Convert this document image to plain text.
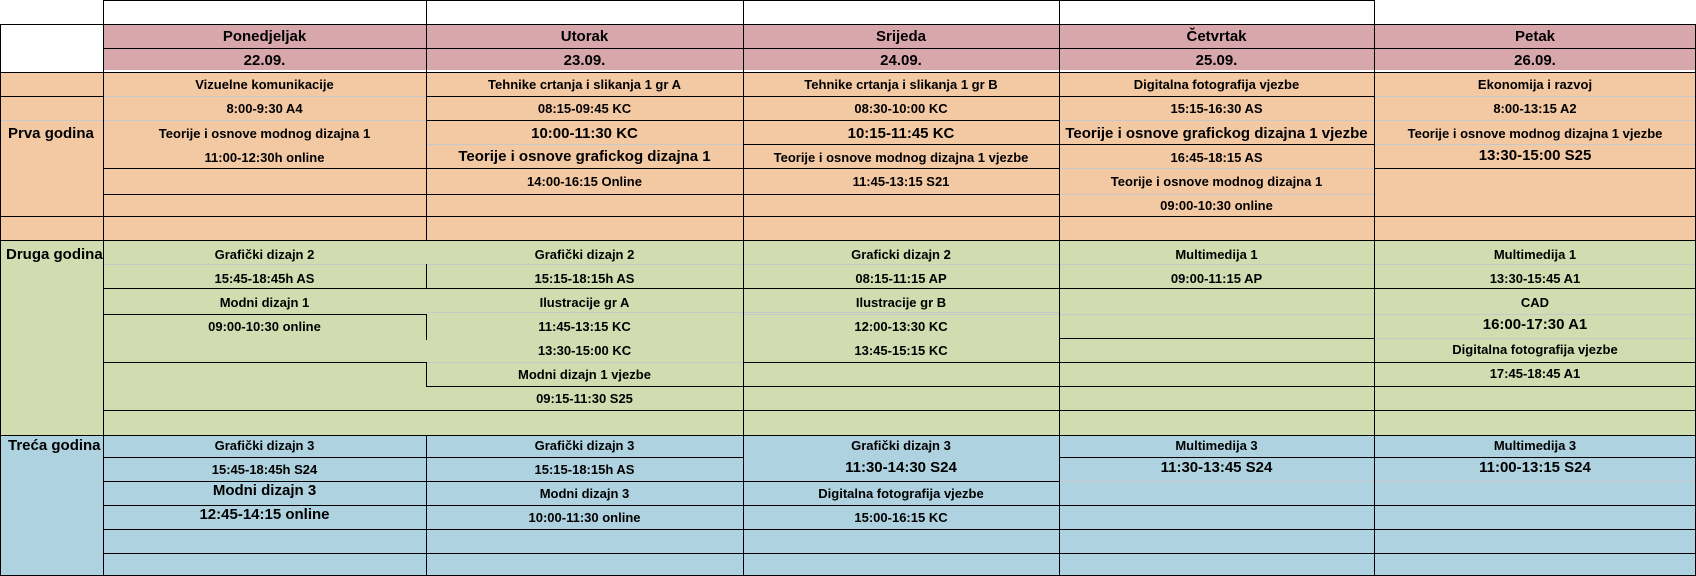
Ponedjeljak
22.09.
Utorak
23.09.
Srijeda
24.09.
Četvrtak
25.09.
Petak
26.09.
Prva godina
Druga godina
Treća godina
Vizuelne komunikacije
8:00-9:30 A4
Teorije i osnove modnog dizajna 1
11:00-12:30h online
Tehnike crtanja i slikanja 1 gr A
08:15-09:45 KC
10:00-11:30 KC
Teorije i osnove grafickog dizajna 1
14:00-16:15 Online
Tehnike crtanja i slikanja 1 gr B
08:30-10:00 KC
10:15-11:45 KC
Teorije i osnove modnog dizajna 1 vjezbe
11:45-13:15 S21
Digitalna fotografija vjezbe
15:15-16:30 AS
Teorije i osnove grafickog dizajna 1 vjezbe
16:45-18:15 AS
Teorije i osnove modnog dizajna 1
09:00-10:30 online
Ekonomija i razvoj
8:00-13:15 A2
Teorije i osnove modnog dizajna 1 vjezbe
13:30-15:00 S25
Grafički dizajn 2
15:45-18:45h AS
Modni dizajn 1
09:00-10:30 online
Grafički dizajn 2
15:15-18:15h AS
Ilustracije gr A
11:45-13:15 KC
13:30-15:00 KC
Modni dizajn 1 vjezbe
09:15-11:30 S25
Graficki dizajn 2
08:15-11:15 AP
Ilustracije gr B
12:00-13:30 KC
13:45-15:15 KC
Multimedija 1
09:00-11:15 AP
Multimedija 1
13:30-15:45 A1
CAD
16:00-17:30 A1
Digitalna fotografija vjezbe
17:45-18:45 A1
Grafički dizajn 3
15:45-18:45h S24
Modni dizajn 3
12:45-14:15 online
Grafički dizajn 3
15:15-18:15h AS
Modni dizajn 3
10:00-11:30 online
Grafički dizajn 3
11:30-14:30 S24
Digitalna fotografija vjezbe
15:00-16:15 KC
Multimedija 3
11:30-13:45 S24
Multimedija 3
11:00-13:15 S24
